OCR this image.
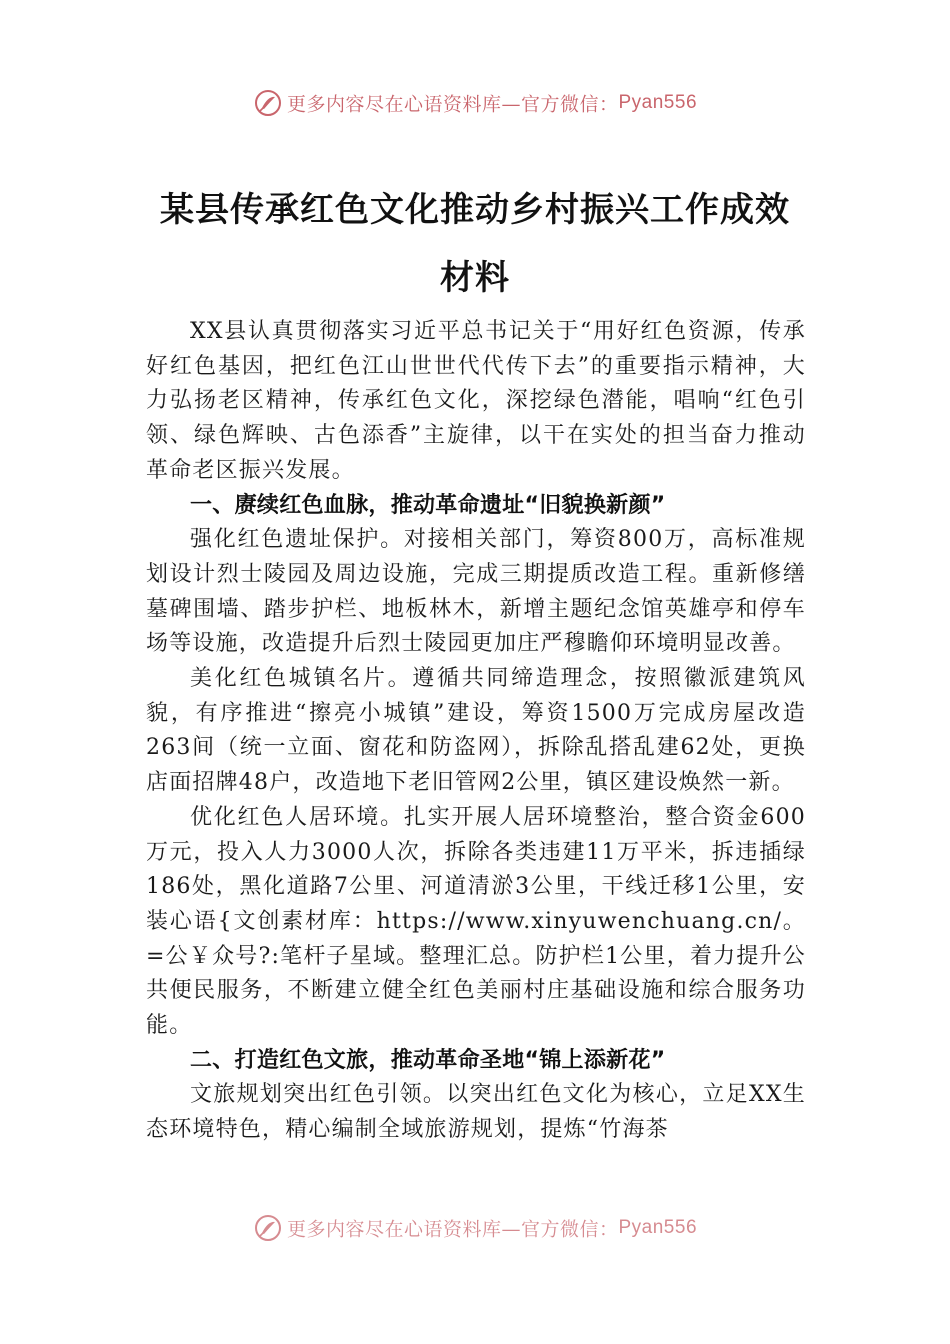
更多内容尽在心语资料库—官方微信：Pyan556
某县传承红色文化推动乡村振兴工作成效
材料

XX县认真贯彻落实习近平总书记关于“用好红色资源，传承好红色基因，把红色江山世世代代传下去”的重要指示精神，大力弘扬老区精神，传承红色文化，深挖绿色潜能，唱响“红色引领、绿色辉映、古色添香”主旋律，以干在实处的担当奋力推动革命老区振兴发展。

一、赓续红色血脉，推动革命遗址“旧貌换新颜”

强化红色遗址保护。对接相关部门，筹资800万，高标准规划设计烈士陵园及周边设施，完成三期提质改造工程。重新修缮墓碑围墙、踏步护栏、地板林木，新增主题纪念馆英雄亭和停车场等设施，改造提升后烈士陵园更加庄严穆瞻仰环境明显改善。

美化红色城镇名片。遵循共同缔造理念，按照徽派建筑风貌，有序推进“擦亮小城镇”建设，筹资1500万完成房屋改造263间（统一立面、窗花和防盗网），拆除乱搭乱建62处，更换店面招牌48户，改造地下老旧管网2公里，镇区建设焕然一新。

优化红色人居环境。扎实开展人居环境整治，整合资金600万元，投入人力3000人次，拆除各类违建11万平米，拆违插绿186处，黑化道路7公里、河道清淤3公里，干线迁移1公里，安装心语{文创素材库：https://www.xinyuwenchuang.cn/。=公￥众号?:笔杆子星域。整理汇总。防护栏1公里，着力提升公共便民服务，不断建立健全红色美丽村庄基础设施和综合服务功能。

二、打造红色文旅，推动革命圣地“锦上添新花”

文旅规划突出红色引领。以突出红色文化为核心，立足XX生态环境特色，精心编制全域旅游规划，提炼“竹海茶

更多内容尽在心语资料库—官方微信：Pyan556
